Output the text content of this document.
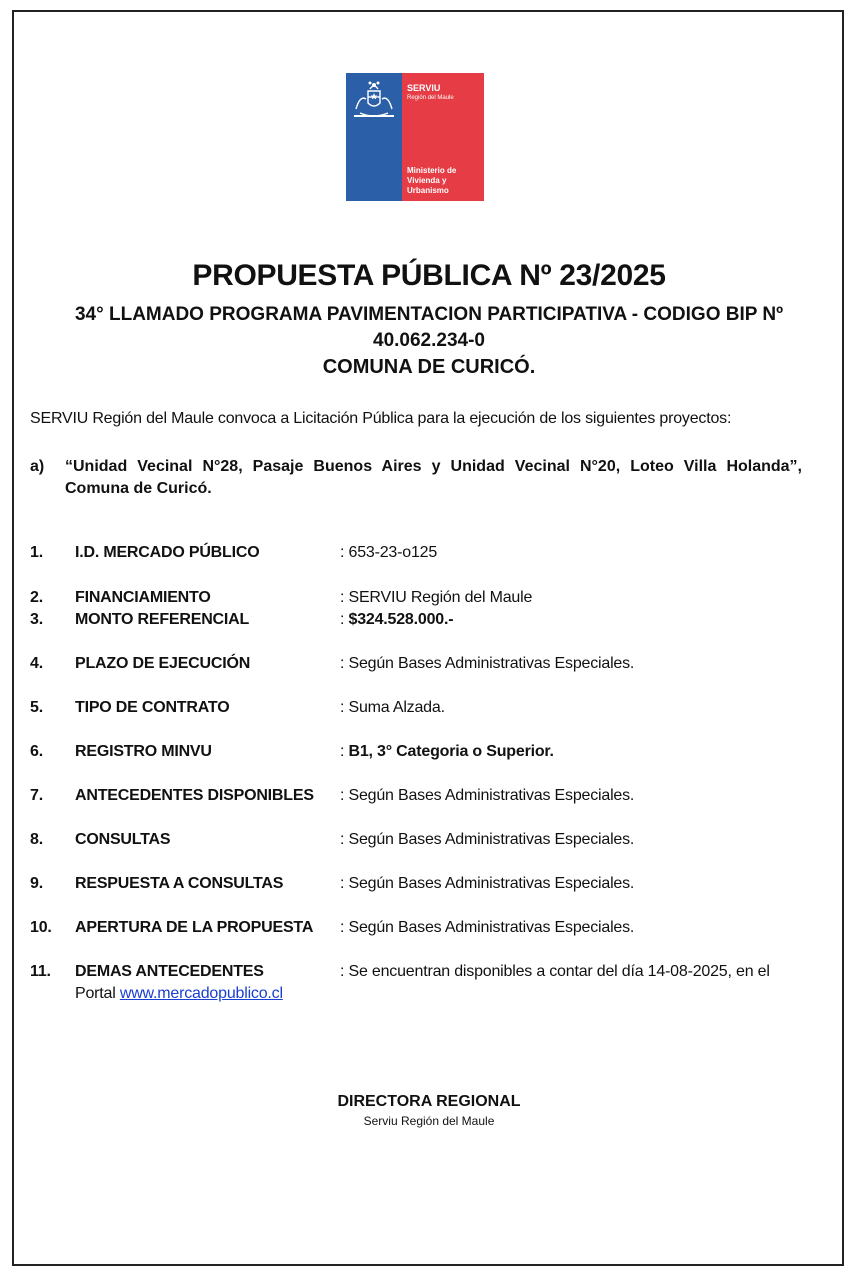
SERVIU
Región del Maule
Ministerio de Vivienda y Urbanismo
PROPUESTA PÚBLICA Nº 23/2025
34° LLAMADO PROGRAMA PAVIMENTACION PARTICIPATIVA - CODIGO BIP Nº
40.062.234-0
COMUNA DE CURICÓ.
SERVIU Región del Maule convoca a Licitación Pública para la ejecución de los siguientes proyectos:
a) “Unidad Vecinal N°28, Pasaje Buenos Aires y Unidad Vecinal N°20, Loteo Villa Holanda”, Comuna de Curicó.
1. I.D. MERCADO PÚBLICO	: 653-23-o125
2. FINANCIAMIENTO	: SERVIU Región del Maule
3. MONTO REFERENCIAL	: $324.528.000.-
4. PLAZO DE EJECUCIÓN	: Según Bases Administrativas Especiales.
5. TIPO DE CONTRATO	: Suma Alzada.
6. REGISTRO MINVU	: B1, 3° Categoria o Superior.
7. ANTECEDENTES DISPONIBLES : Según Bases Administrativas Especiales.
8. CONSULTAS	: Según Bases Administrativas Especiales.
9. RESPUESTA A CONSULTAS	: Según Bases Administrativas Especiales.
10. APERTURA DE LA PROPUESTA : Según Bases Administrativas Especiales.
11. DEMAS ANTECEDENTES	: Se encuentran disponibles a contar del día 14-08-2025, en el
Portal www.mercadopublico.cl
DIRECTORA REGIONAL
Serviu Región del Maule
